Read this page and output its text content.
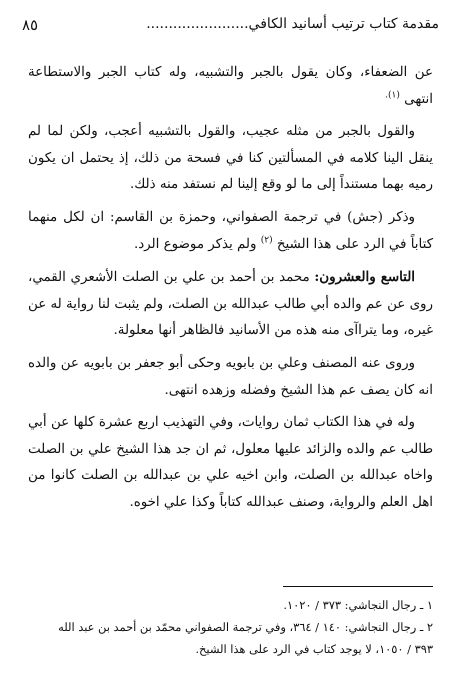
٨٥	مقدمة كتاب ترتيب أسانيد الكافي.......................

عن الضعفاء، وكان يقول بالجبر والتشبيه، وله كتاب الجبر والاستطاعة انتهى $^{(١).}$

والقول بالجبر من مثله عجيب، والقول بالتشبيه أعجب، ولكن لما لم ينقل الينا كلامه في المسألتين كنا في فسحة من ذلك، إذ يحتمل ان يكون رميه بهما مستنداً إلى ما لو وقع إلينا لم نستفد منه ذلك.

وذكر (جش) في ترجمة الصفواني، وحمزة بن القاسم: ان لكل منهما كتاباً في الرد على هذا الشيخ $^{(٢)}$ ولم يذكر موضوع الرد.

التاسع والعشرون: محمد بن أحمد بن علي بن الصلت الأشعري القمي، روى عن عم والده أبي طالب عبدالله بن الصلت، ولم يثبت لنا رواية له عن غيره، وما يتراآى منه هذه من الأسانيد فالظاهر أنها معلولة.

وروى عنه المصنف وعلي بن بابويه وحكى أبو جعفر بن بابويه عن والده انه كان يصف عم هذا الشيخ وفضله وزهده انتهى.

وله في هذا الكتاب ثمان روايات، وفي التهذيب اربع عشرة كلها عن أبي طالب عم والده والزائد عليها معلول، ثم ان جد هذا الشيخ علي بن الصلت واخاه عبدالله بن الصلت، وابن اخيه علي بن عبدالله بن الصلت كانوا من اهل العلم والرواية، وصنف عبدالله كتاباً وكذا علي اخوه.

١ ـ رجال النجاشي: ٣٧٣ / ١٠٢٠.
٢ ـ رجال النجاشي: ١٤٠ / ٣٦٤، وفي ترجمة الصفواني محمّد بن أحمد بن عبد الله
٣٩٣ / ١٠٥٠، لا يوجد كتاب في الرد على هذا الشيخ.
